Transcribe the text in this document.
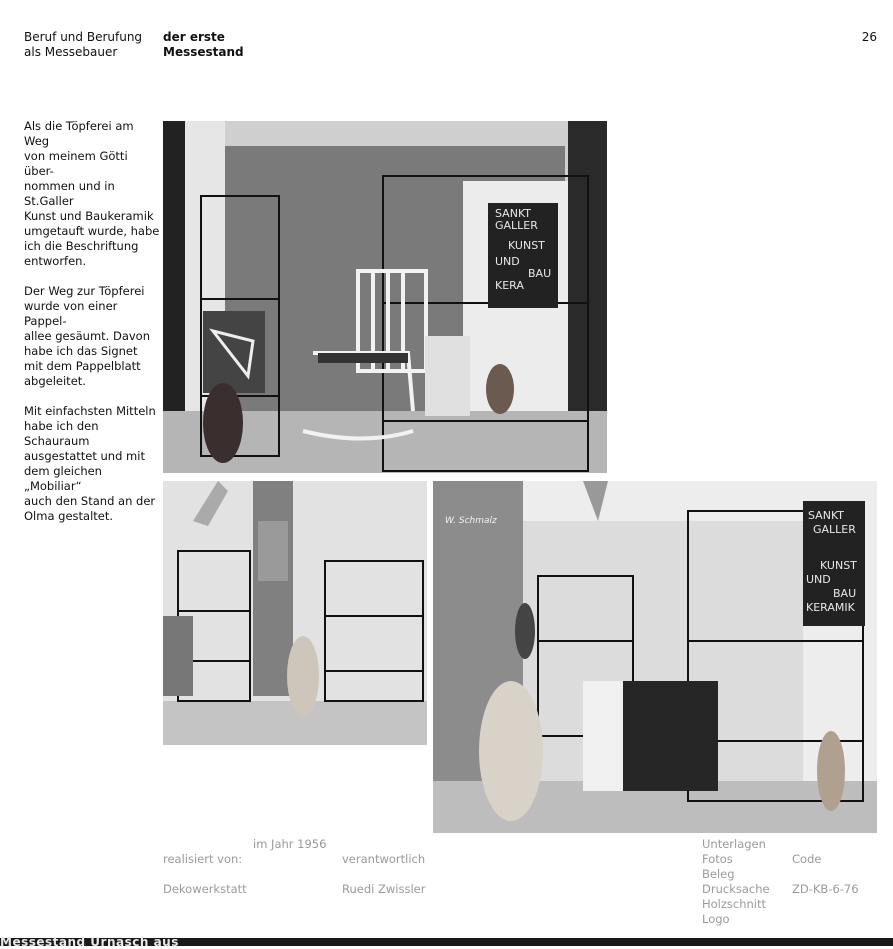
Beruf und Berufung
als Messebauer
der erste
Messestand
26

Als die Töpferei am Weg
von meinem Götti über-
nommen und in St.Galler
Kunst und Baukeramik
umgetauft wurde, habe
ich die Beschriftung
entworfen.

Der Weg zur Töpferei
wurde von einer Pappel-
allee gesäumt. Davon
habe ich das Signet
mit dem Pappelblatt
abgeleitet.

Mit einfachsten Mitteln
habe ich den Schauraum
ausgestattet und mit
dem gleichen „Mobiliar“
auch den Stand an der
Olma gestaltet.

SANKT
GALLER
KUNST
UND
BAU
KERA
W. Schmalz	SANKT
GALLER
KUNST
UND
BAU
KERAMIK

realisiert von:

Dekowerkstatt

im Jahr 1956

verantwortlich

Ruedi Zwissler

Unterlagen
Fotos
Beleg
Drucksache
Holzschnitt
Logo

Code

ZD-KB-6-76

Messestand Urnäsch aus
